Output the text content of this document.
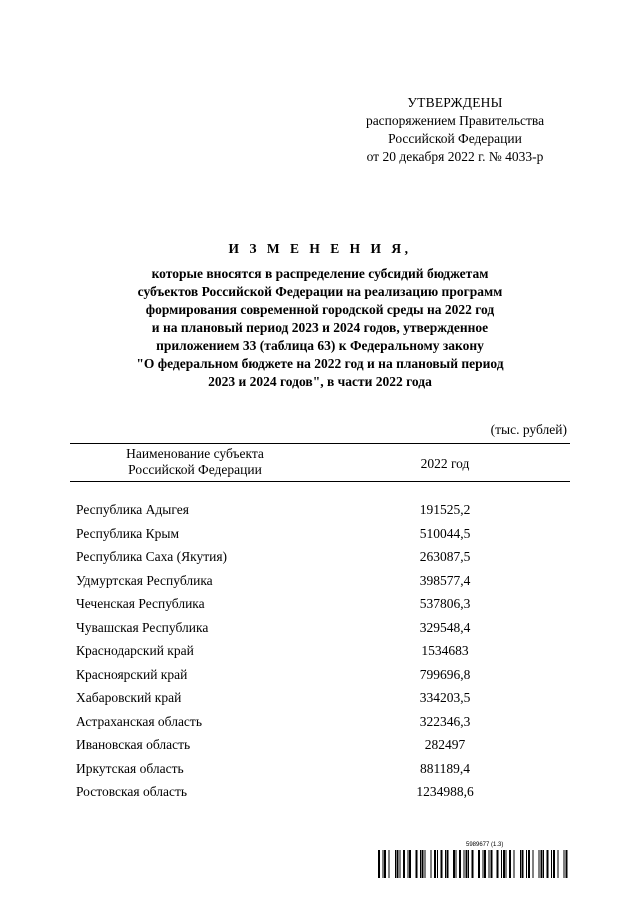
УТВЕРЖДЕНЫ
распоряжением Правительства
Российской Федерации
от 20 декабря 2022 г. № 4033-р
И З М Е Н Е Н И Я,
которые вносятся в распределение субсидий бюджетам
субъектов Российской Федерации на реализацию программ
формирования современной городской среды на 2022 год
и на плановый период 2023 и 2024 годов, утвержденное
приложением 33 (таблица 63) к Федеральному закону
"О федеральном бюджете на 2022 год и на плановый период
2023 и 2024 годов", в части 2022 года
(тыс. рублей)
Наименование субъекта
Российской Федерации	2022 год
Республика Адыгея	191525,2
Республика Крым	510044,5
Республика Саха (Якутия)	263087,5
Удмуртская Республика	398577,4
Чеченская Республика	537806,3
Чувашская Республика	329548,4
Краснодарский край	1534683
Красноярский край	799696,8
Хабаровский край	334203,5
Астраханская область	322346,3
Ивановская область	282497
Иркутская область	881189,4
Ростовская область	1234988,6
5989677 (1.3)
